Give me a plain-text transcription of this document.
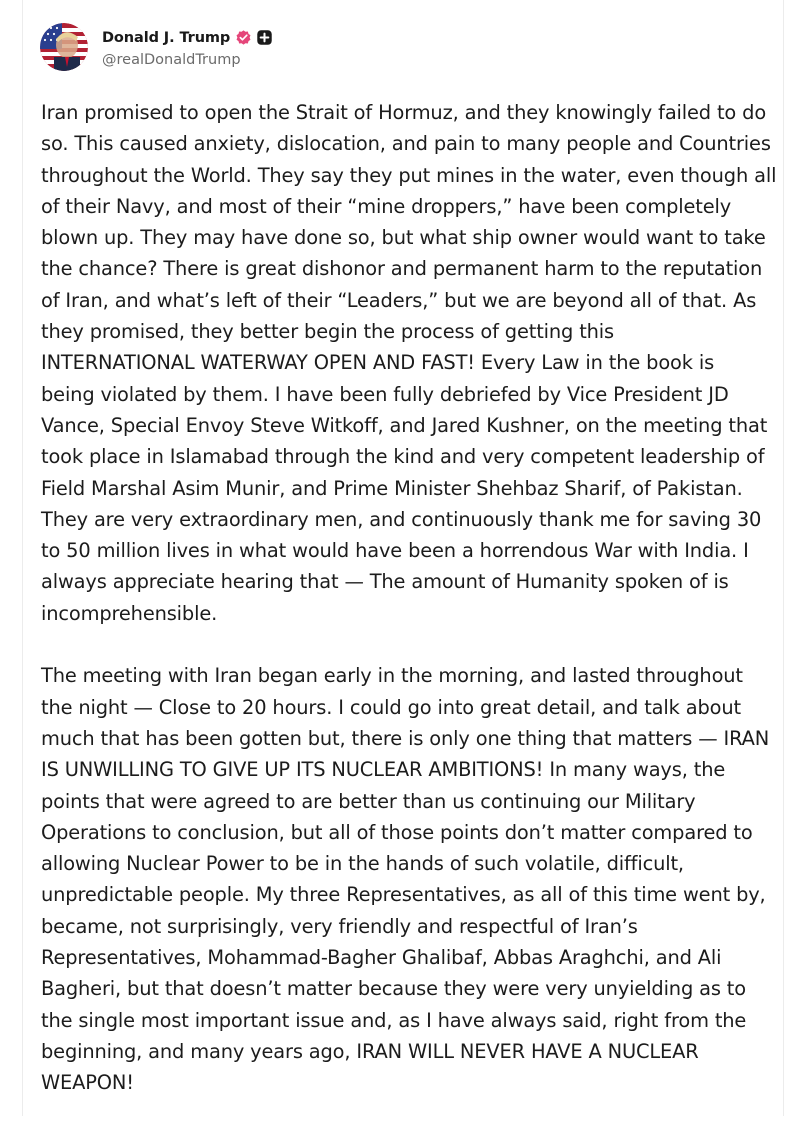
Donald J. Trump
@realDonaldTrump

Iran promised to open the Strait of Hormuz, and they knowingly failed to do
so. This caused anxiety, dislocation, and pain to many people and Countries
throughout the World. They say they put mines in the water, even though all
of their Navy, and most of their “mine droppers,” have been completely
blown up. They may have done so, but what ship owner would want to take
the chance? There is great dishonor and permanent harm to the reputation
of Iran, and what’s left of their “Leaders,” but we are beyond all of that. As
they promised, they better begin the process of getting this
INTERNATIONAL WATERWAY OPEN AND FAST! Every Law in the book is
being violated by them. I have been fully debriefed by Vice President JD
Vance, Special Envoy Steve Witkoff, and Jared Kushner, on the meeting that
took place in Islamabad through the kind and very competent leadership of
Field Marshal Asim Munir, and Prime Minister Shehbaz Sharif, of Pakistan.
They are very extraordinary men, and continuously thank me for saving 30
to 50 million lives in what would have been a horrendous War with India. I
always appreciate hearing that — The amount of Humanity spoken of is
incomprehensible.

The meeting with Iran began early in the morning, and lasted throughout
the night — Close to 20 hours. I could go into great detail, and talk about
much that has been gotten but, there is only one thing that matters — IRAN
IS UNWILLING TO GIVE UP ITS NUCLEAR AMBITIONS! In many ways, the
points that were agreed to are better than us continuing our Military
Operations to conclusion, but all of those points don’t matter compared to
allowing Nuclear Power to be in the hands of such volatile, difficult,
unpredictable people. My three Representatives, as all of this time went by,
became, not surprisingly, very friendly and respectful of Iran’s
Representatives, Mohammad-Bagher Ghalibaf, Abbas Araghchi, and Ali
Bagheri, but that doesn’t matter because they were very unyielding as to
the single most important issue and, as I have always said, right from the
beginning, and many years ago, IRAN WILL NEVER HAVE A NUCLEAR
WEAPON!
